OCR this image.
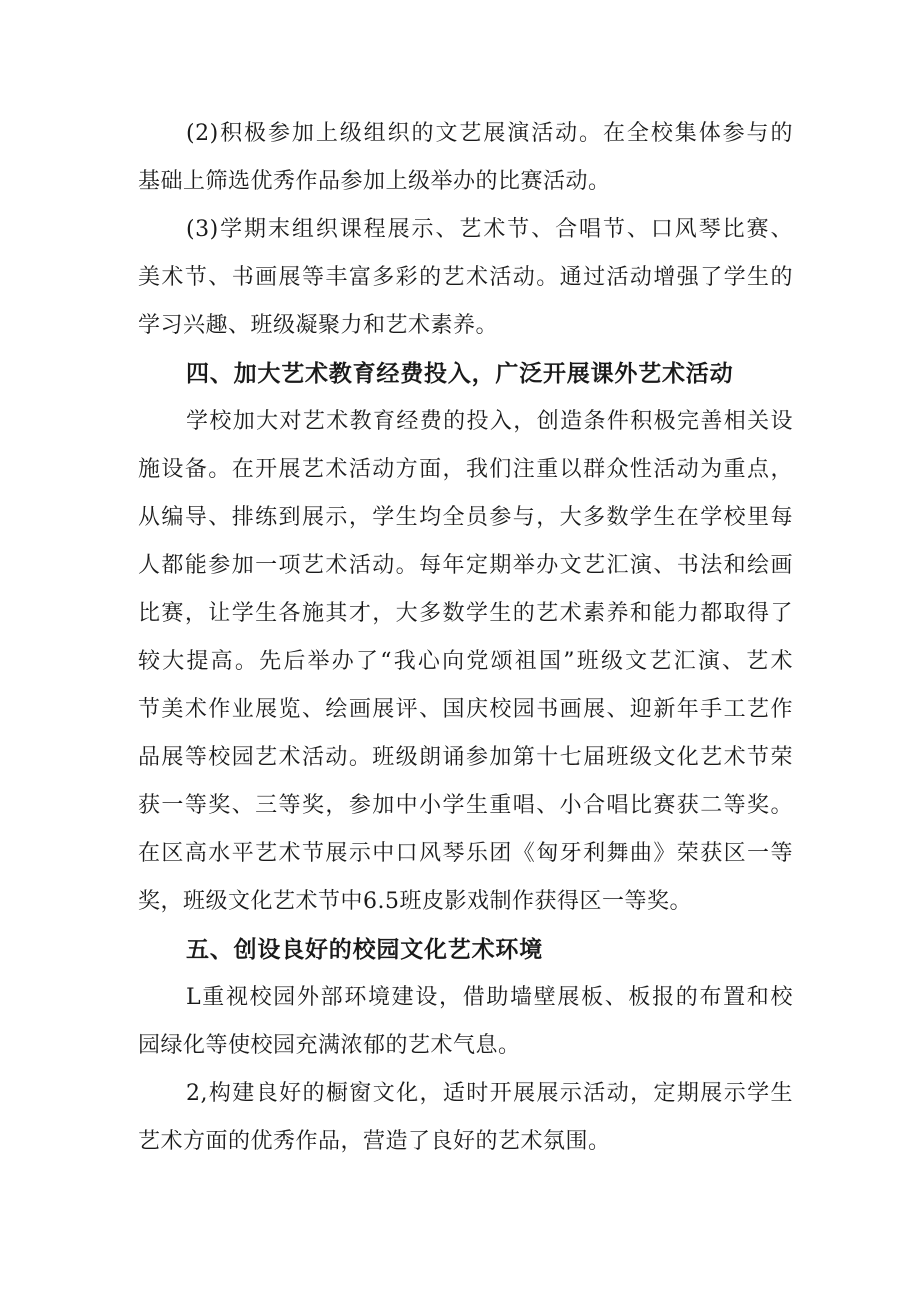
(2)积极参加上级组织的文艺展演活动。在全校集体参与的
基础上筛选优秀作品参加上级举办的比赛活动。
(3)学期末组织课程展示、艺术节、合唱节、口风琴比赛、
美术节、书画展等丰富多彩的艺术活动。通过活动增强了学生的
学习兴趣、班级凝聚力和艺术素养。
四、加大艺术教育经费投入，广泛开展课外艺术活动
学校加大对艺术教育经费的投入，创造条件积极完善相关设
施设备。在开展艺术活动方面，我们注重以群众性活动为重点，
从编导、排练到展示，学生均全员参与，大多数学生在学校里每
人都能参加一项艺术活动。每年定期举办文艺汇演、书法和绘画
比赛，让学生各施其才，大多数学生的艺术素养和能力都取得了
较大提高。先后举办了“我心向党颂祖国”班级文艺汇演、艺术
节美术作业展览、绘画展评、国庆校园书画展、迎新年手工艺作
品展等校园艺术活动。班级朗诵参加第十七届班级文化艺术节荣
获一等奖、三等奖，参加中小学生重唱、小合唱比赛获二等奖。
在区高水平艺术节展示中口风琴乐团《匈牙利舞曲》荣获区一等
奖，班级文化艺术节中6.5班皮影戏制作获得区一等奖。
五、创设良好的校园文化艺术环境
L重视校园外部环境建设，借助墙壁展板、板报的布置和校
园绿化等使校园充满浓郁的艺术气息。
2,构建良好的橱窗文化，适时开展展示活动，定期展示学生
艺术方面的优秀作品，营造了良好的艺术氛围。
